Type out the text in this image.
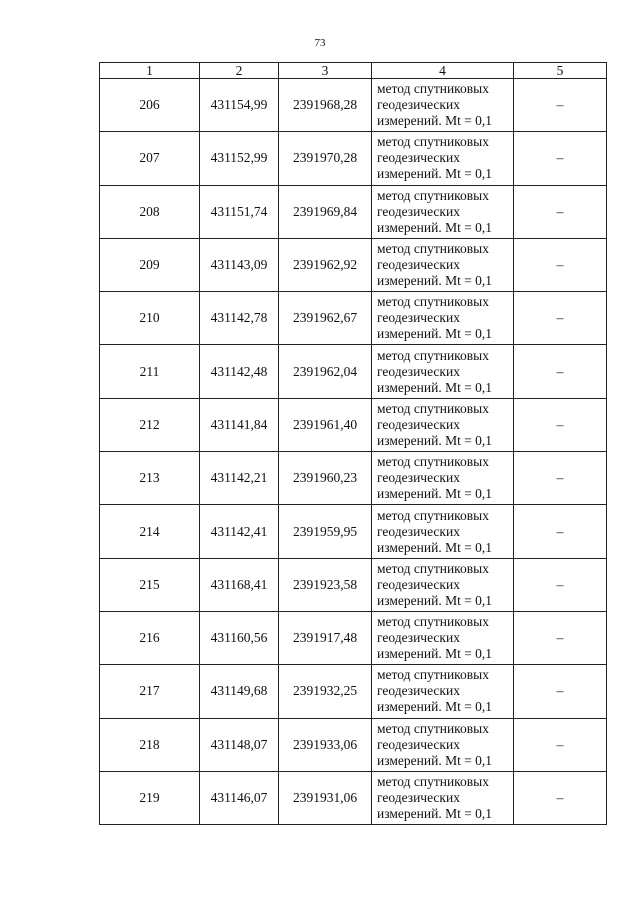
73
1	2	3	4	5
206	431154,99	2391968,28	метод спутниковых
геодезических
измерений. Mt = 0,1	–
207	431152,99	2391970,28	метод спутниковых
геодезических
измерений. Mt = 0,1	–
208	431151,74	2391969,84	метод спутниковых
геодезических
измерений. Mt = 0,1	–
209	431143,09	2391962,92	метод спутниковых
геодезических
измерений. Mt = 0,1	–
210	431142,78	2391962,67	метод спутниковых
геодезических
измерений. Mt = 0,1	–
211	431142,48	2391962,04	метод спутниковых
геодезических
измерений. Mt = 0,1	–
212	431141,84	2391961,40	метод спутниковых
геодезических
измерений. Mt = 0,1	–
213	431142,21	2391960,23	метод спутниковых
геодезических
измерений. Mt = 0,1	–
214	431142,41	2391959,95	метод спутниковых
геодезических
измерений. Mt = 0,1	–
215	431168,41	2391923,58	метод спутниковых
геодезических
измерений. Mt = 0,1	–
216	431160,56	2391917,48	метод спутниковых
геодезических
измерений. Mt = 0,1	–
217	431149,68	2391932,25	метод спутниковых
геодезических
измерений. Mt = 0,1	–
218	431148,07	2391933,06	метод спутниковых
геодезических
измерений. Mt = 0,1	–
219	431146,07	2391931,06	метод спутниковых
геодезических
измерений. Mt = 0,1	–
